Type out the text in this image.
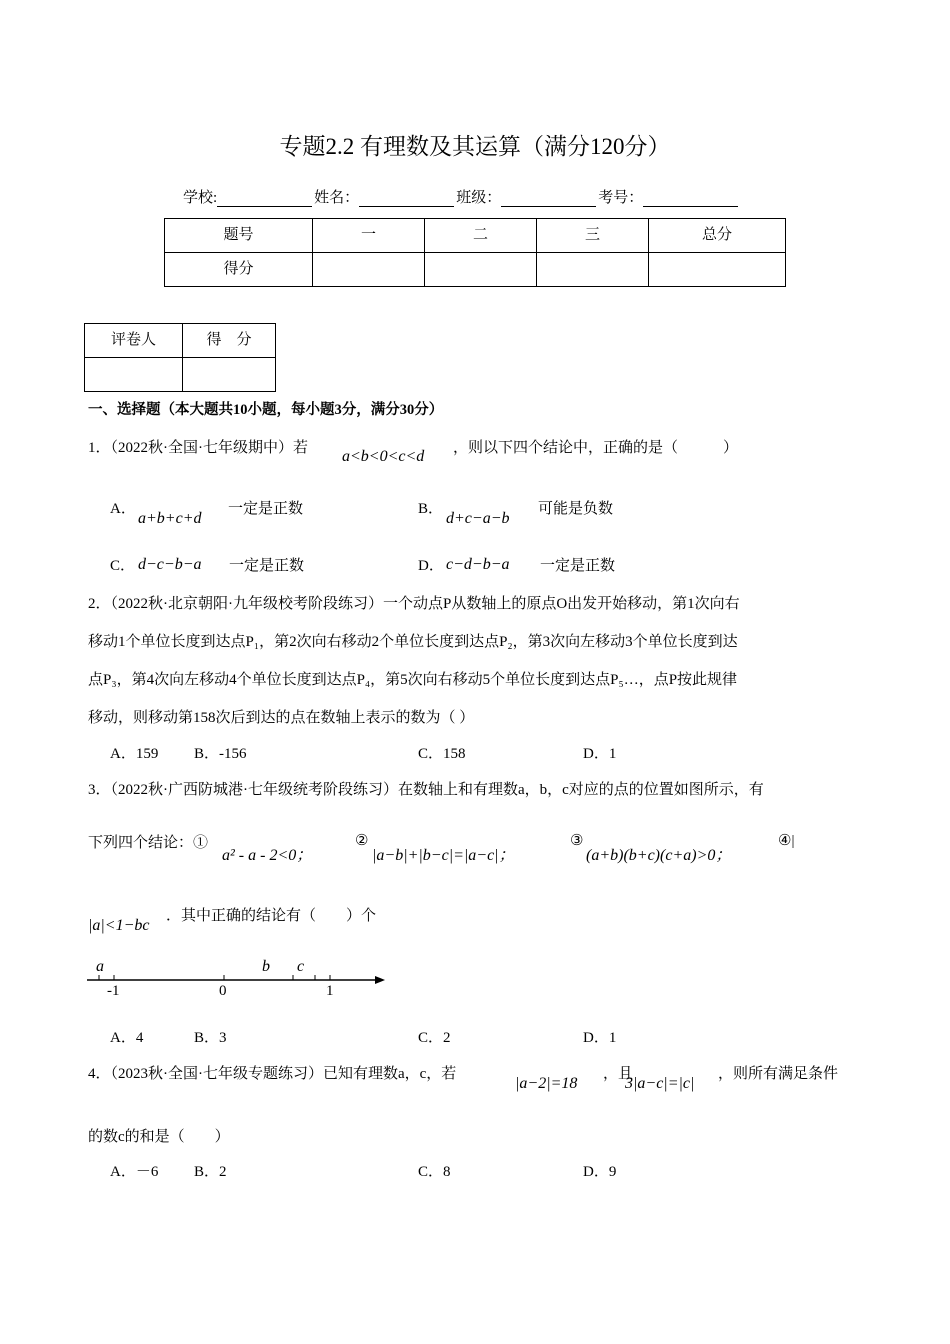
专题2.2 有理数及其运算（满分120分）
学校:	姓名：	班级：	考号：
题号	一	二	三	总分
得分				
评卷人	得　分

一、选择题（本大题共10小题，每小题3分，满分30分）
1．（2022秋·全国·七年级期中）若 a<b<0<c<d ，则以下四个结论中，正确的是（　　　）
A．
a+b+c+d
一定是正数	B．
d+c−a−b
可能是负数
C． d−c−b−a 一定是正数	D． c−d−b−a 一定是正数
2．（2022秋·北京朝阳·九年级校考阶段练习）一个动点P从数轴上的原点O出发开始移动，第1次向右
移动1个单位长度到达点P₁，第2次向右移动2个单位长度到达点P₂，第3次向左移动3个单位长度到达
点P₃，第4次向左移动4个单位长度到达点P₄，第5次向右移动5个单位长度到达点P₅…，点P按此规律
移动，则移动第158次后到达的点在数轴上表示的数为（ ）
A．159 B．-156	C．158	D．1
3．（2022秋·广西防城港·七年级统考阶段练习）在数轴上和有理数a，b，c对应的点的位置如图所示，有
下列四个结论：①
a² - a - 2<0；
②
|a−b|+|b−c|=|a−c|；
③
(a+b)(b+c)(c+a)>0；
④|
|a|<1−bc
．其中正确的结论有（　　）个
a	b c
-1	0	1
A．4	B．3	C．2	D．1
4．（2023秋·全国·七年级专题练习）已知有理数a，c，若
|a−2|=18
，且
3|a−c|=|c|
，则所有满足条件
的数c的和是（　　）
A．－6 B．2	C．8	D．9
